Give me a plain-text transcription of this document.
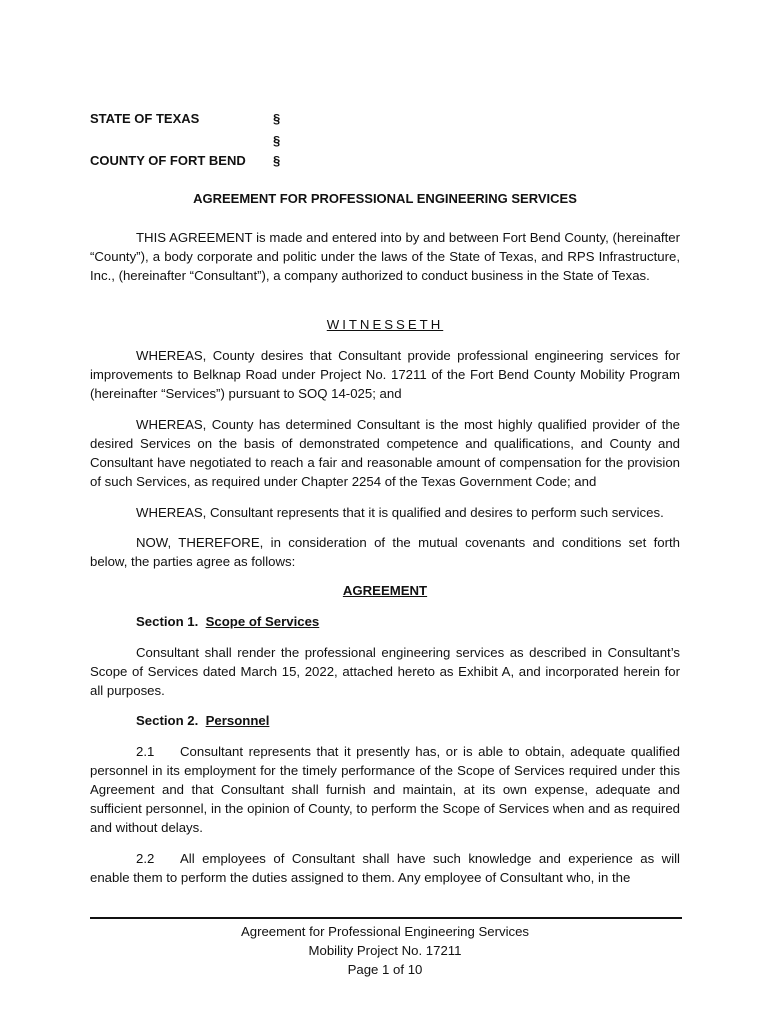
STATE OF TEXAS	§
§
COUNTY OF FORT BEND §
AGREEMENT FOR PROFESSIONAL ENGINEERING SERVICES

THIS AGREEMENT is made and entered into by and between Fort Bend County, (hereinafter “County”), a body corporate and politic under the laws of the State of Texas, and RPS Infrastructure, Inc., (hereinafter “Consultant”), a company authorized to conduct business in the State of Texas.

WITNESSETH

WHEREAS, County desires that Consultant provide professional engineering services for improvements to Belknap Road under Project No. 17211 of the Fort Bend County Mobility Program (hereinafter “Services”) pursuant to SOQ 14-025; and

WHEREAS, County has determined Consultant is the most highly qualified provider of the desired Services on the basis of demonstrated competence and qualifications, and County and Consultant have negotiated to reach a fair and reasonable amount of compensation for the provision of such Services, as required under Chapter 2254 of the Texas Government Code; and

WHEREAS, Consultant represents that it is qualified and desires to perform such services.

NOW, THEREFORE, in consideration of the mutual covenants and conditions set forth below, the parties agree as follows:

AGREEMENT
Section 1. Scope of Services

Consultant shall render the professional engineering services as described in Consultant’s Scope of Services dated March 15, 2022, attached hereto as Exhibit A, and incorporated herein for all purposes.

Section 2. Personnel

2.1 Consultant represents that it presently has, or is able to obtain, adequate qualified personnel in its employment for the timely performance of the Scope of Services required under this Agreement and that Consultant shall furnish and maintain, at its own expense, adequate and sufficient personnel, in the opinion of County, to perform the Scope of Services when and as required and without delays.

2.2 All employees of Consultant shall have such knowledge and experience as will enable them to perform the duties assigned to them. Any employee of Consultant who, in the

Agreement for Professional Engineering Services
Mobility Project No. 17211
Page 1 of 10
